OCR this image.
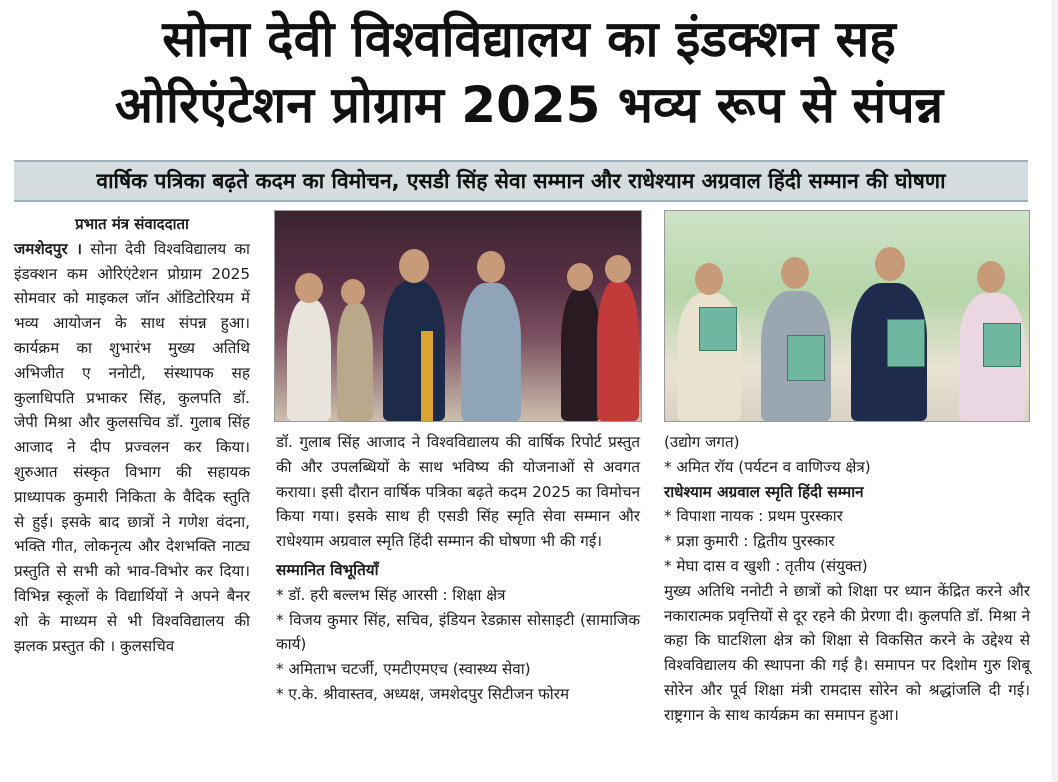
सोना देवी विश्वविद्यालय का इंडक्शन सह
ओरिएंटेशन प्रोग्राम 2025 भव्य रूप से संपन्न
वार्षिक पत्रिका बढ़ते कदम का विमोचन, एसडी सिंह सेवा सम्मान और राधेश्याम अग्रवाल हिंदी सम्मान की घोषणा
प्रभात मंत्र संवाददाता

जमशेदपुर । सोना देवी विश्वविद्यालय का इंडक्शन कम ओरिएंटेशन प्रोग्राम 2025 सोमवार को माइकल जॉन ऑडिटोरियम में भव्य आयोजन के साथ संपन्न हुआ। कार्यक्रम का शुभारंभ मुख्य अतिथि अभिजीत ए ननोटी, संस्थापक सह कुलाधिपति प्रभाकर सिंह, कुलपति डॉ. जेपी मिश्रा और कुलसचिव डॉ. गुलाब सिंह आजाद ने दीप प्रज्वलन कर किया। शुरुआत संस्कृत विभाग की सहायक प्राध्यापक कुमारी निकिता के वैदिक स्तुति से हुई। इसके बाद छात्रों ने गणेश वंदना, भक्ति गीत, लोकनृत्य और देशभक्ति नाट्य प्रस्तुति से सभी को भाव-विभोर कर दिया। विभिन्न स्कूलों के विद्यार्थियों ने अपने बैनर शो के माध्यम से भी विश्वविद्यालय की झलक प्रस्तुत की । कुलसचिव

डॉ. गुलाब सिंह आजाद ने विश्वविद्यालय की वार्षिक रिपोर्ट प्रस्तुत की और उपलब्धियों के साथ भविष्य की योजनाओं से अवगत कराया। इसी दौरान वार्षिक पत्रिका बढ़ते कदम 2025 का विमोचन किया गया। इसके साथ ही एसडी सिंह स्मृति सेवा सम्मान और राधेश्याम अग्रवाल स्मृति हिंदी सम्मान की घोषणा भी की गई।

सम्मानित विभूतियाँ
* डॉ. हरी बल्लभ सिंह आरसी : शिक्षा क्षेत्र
* विजय कुमार सिंह, सचिव, इंडियन रेडक्रास सोसाइटी (सामाजिक कार्य)
* अमिताभ चटर्जी, एमटीएमएच (स्वास्थ्य सेवा)
* ए.के. श्रीवास्तव, अध्यक्ष, जमशेदपुर सिटीजन फोरम
(उद्योग जगत)
* अमित रॉय (पर्यटन व वाणिज्य क्षेत्र)
राधेश्याम अग्रवाल स्मृति हिंदी सम्मान
* विपाशा नायक : प्रथम पुरस्कार
* प्रज्ञा कुमारी : द्वितीय पुरस्कार
* मेघा दास व खुशी : तृतीय (संयुक्त)

मुख्य अतिथि ननोटी ने छात्रों को शिक्षा पर ध्यान केंद्रित करने और नकारात्मक प्रवृत्तियों से दूर रहने की प्रेरणा दी। कुलपति डॉ. मिश्रा ने कहा कि घाटशिला क्षेत्र को शिक्षा से विकसित करने के उद्देश्य से विश्वविद्यालय की स्थापना की गई है। समापन पर दिशोम गुरु शिबू सोरेन और पूर्व शिक्षा मंत्री रामदास सोरेन को श्रद्धांजलि दी गई। राष्ट्रगान के साथ कार्यक्रम का समापन हुआ।
